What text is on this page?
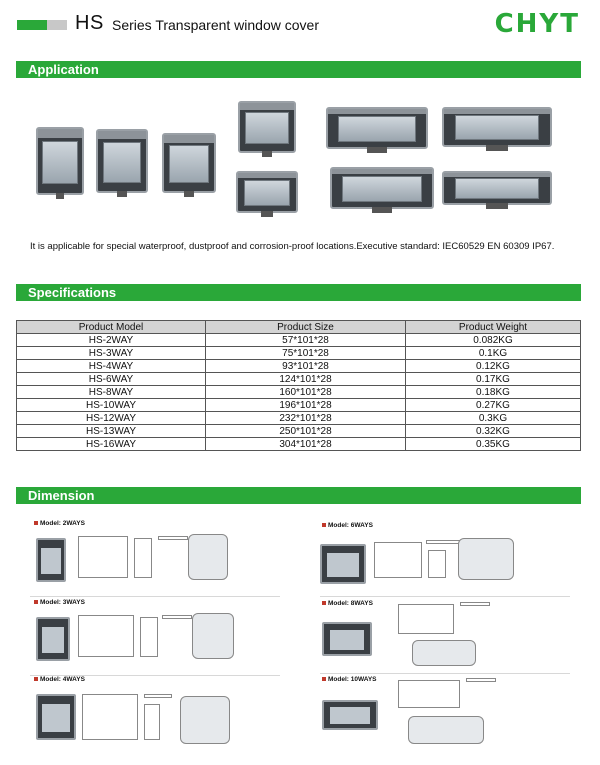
HS Series Transparent window cover	CHYT
Application
It is applicable for special waterproof, dustproof and corrosion-proof locations.Executive standard: IEC60529 EN 60309 IP67.
Specifications
Product Model	Product Size	Product Weight
HS-2WAY	57*101*28	0.082KG
HS-3WAY	75*101*28	0.1KG
HS-4WAY	93*101*28	0.12KG
HS-6WAY	124*101*28	0.17KG
HS-8WAY	160*101*28	0.18KG
HS-10WAY	196*101*28	0.27KG
HS-12WAY	232*101*28	0.3KG
HS-13WAY	250*101*28	0.32KG
HS-16WAY	304*101*28	0.35KG
Dimension
Model: 2WAYS
Model: 3WAYS
Model: 4WAYS
Model: 6WAYS
Model: 8WAYS
Model: 10WAYS
